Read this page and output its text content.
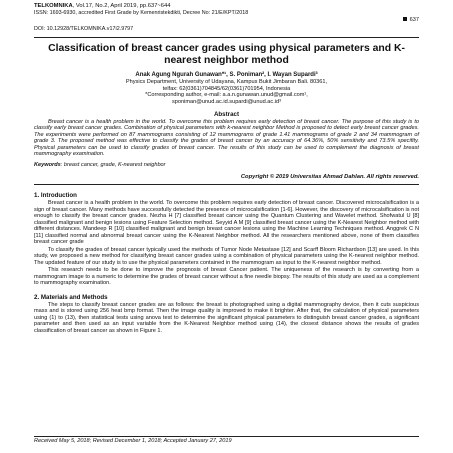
TELKOMNIKA, Vol.17, No.2, April 2019, pp.637~644
ISSN: 1693-6930, accredited First Grade by Kemenristekdikti, Decree No: 21/E/KPT/2018
DOI: 10.12928/TELKOMNIKA.v17i2.9797
637
Classification of breast cancer grades using physical parameters and K-nearest neighbor method
Anak Agung Ngurah Gunawan*¹, S. Poniman², I. Wayan Supardi³
Physics Department, University of Udayana, Kampus Bukit Jimbaran Bali. 80361,
telfax: 62(0361)704845/62(0361)701954, Indonesia
*Corresponding author, e-mail: a.a.n.gunawan.unud@gmail.com¹,
sponiman@unud.ac.id.supardi@unud.ac.id³
Abstract

Breast cancer is a health problem in the world. To overcome this problem requires early detection of breast cancer. The purpose of this study is to classify early breast cancer grades. Combination of physical parameters with k-nearest neighbor Method is proposed to detect early breast cancer grades. The experiments were performed on 87 mammograms consisting of 12 mammograms of grade 1.41 mammograms of grade 2 and 34 mammogram of grade 3. The proposed method was effective to classify the grades of breast cancer by an accuracy of 64.36%, 50% sensitivity and 73.5% specifity. Physical parameters can be used to classify grades of breast cancer. The results of this study can be used to complement the diagnosis of breast mammography examination.

Keywords: breast cancer, grade, K-nearest neighbor
Copyright © 2019 Universitas Ahmad Dahlan. All rights reserved.
1. Introduction

Breast cancer is a health problem in the world. To overcome this problem requires early detection of breast cancer. Discovered microcalsification is a sign of breast cancer. Many methods have successfully detected the presence of microcalsification [1-6]. However, the discovery of microcalsification is not enough to classify the breast cancer grades. Nezha H [7] classified breast cancer using the Quantum Clustering and Wavelet method. Shofwatul U [8] classified malignant and benign lesions using Feature Selection method. Seyyid A M [9] classified breast cancer using the K-Nearest Neighbor method with different distances. Mandeep R [10] classified malignant and benign breast cancer lesions using the Machine Learning Techniques method. Anggrek C N [11] classified normal and abnormal breast cancer using the K-Nearest Neighbor method. All the researchers mentioned above, none of them classifies breast cancer grade

To classify the grades of breast cancer typically used the methods of Tumor Node Metastase [12] and Scarff Bloom Richardson [13] are used. In this study, we proposed a new method for classifying breast cancer grades using a combination of physical parameters using the K-nearest neighbor method. The updated feature of our study is to use the physical parameters contained in the mammogram as input to the K-nearest neighbor method.

This research needs to be done to improve the prognosis of breast Cancer patient. The uniqueness of the research is by converting from a mammogram image to a numeric to determine the grades of breast cancer without a fine needle biopsy. The results of this study are used as a complement to mammography examination.

2. Materials and Methods

The steps to classify breast cancer grades are as follows: the breast is photographed using a digital mammography device, then it cuts suspicious mass and is stored using 256 heat bmp format. Then the image quality is improved to make it brighter. After that, the calculation of physical parameters using (1) to (13), then statistical tests using anova test to determine the significant physical parameters to distinguish breast cancer grades, a significant parameter and then used as an input variable from the K-Nearest Neighbor method using (14), the closest distance shows the results of grades classification of breast cancer as shown in Figure 1.

Received May 5, 2018; Revised December 1, 2018; Accepted January 27, 2019
